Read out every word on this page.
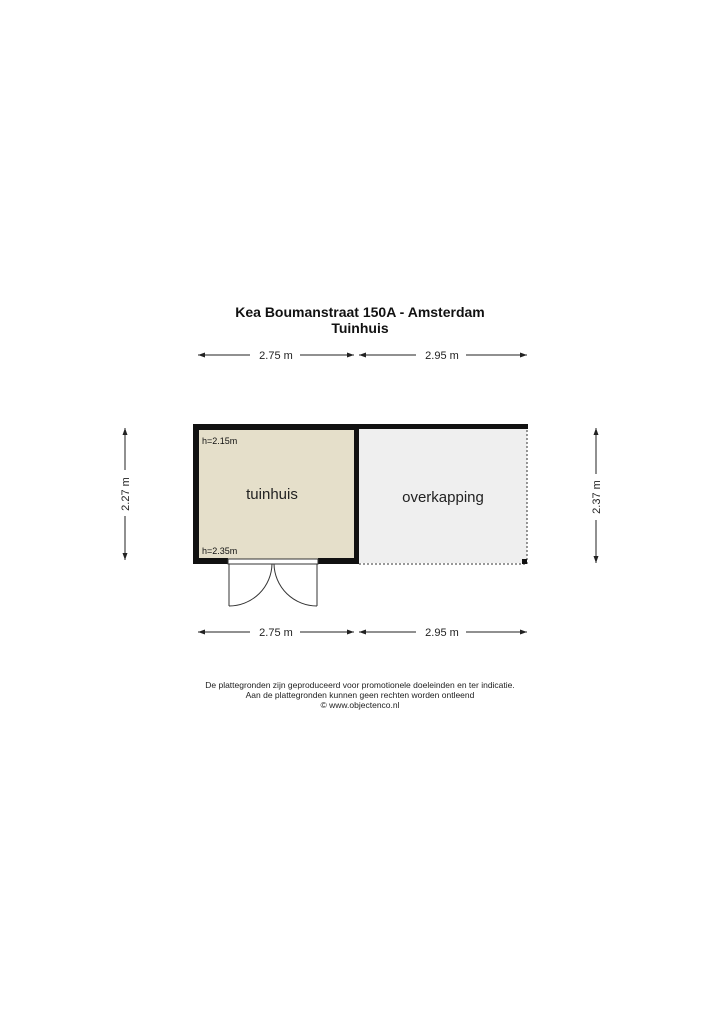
Kea Boumanstraat 150A - Amsterdam
Tuinhuis
2.75 m	2.95 m
2.75 m	2.95 m
2.27 m	2.37 m
tuinhuis	overkapping
h=2.15m
h=2.35m
De plattegronden zijn geproduceerd voor promotionele doeleinden en ter indicatie.
Aan de plattegronden kunnen geen rechten worden ontleend
© www.objectenco.nl
